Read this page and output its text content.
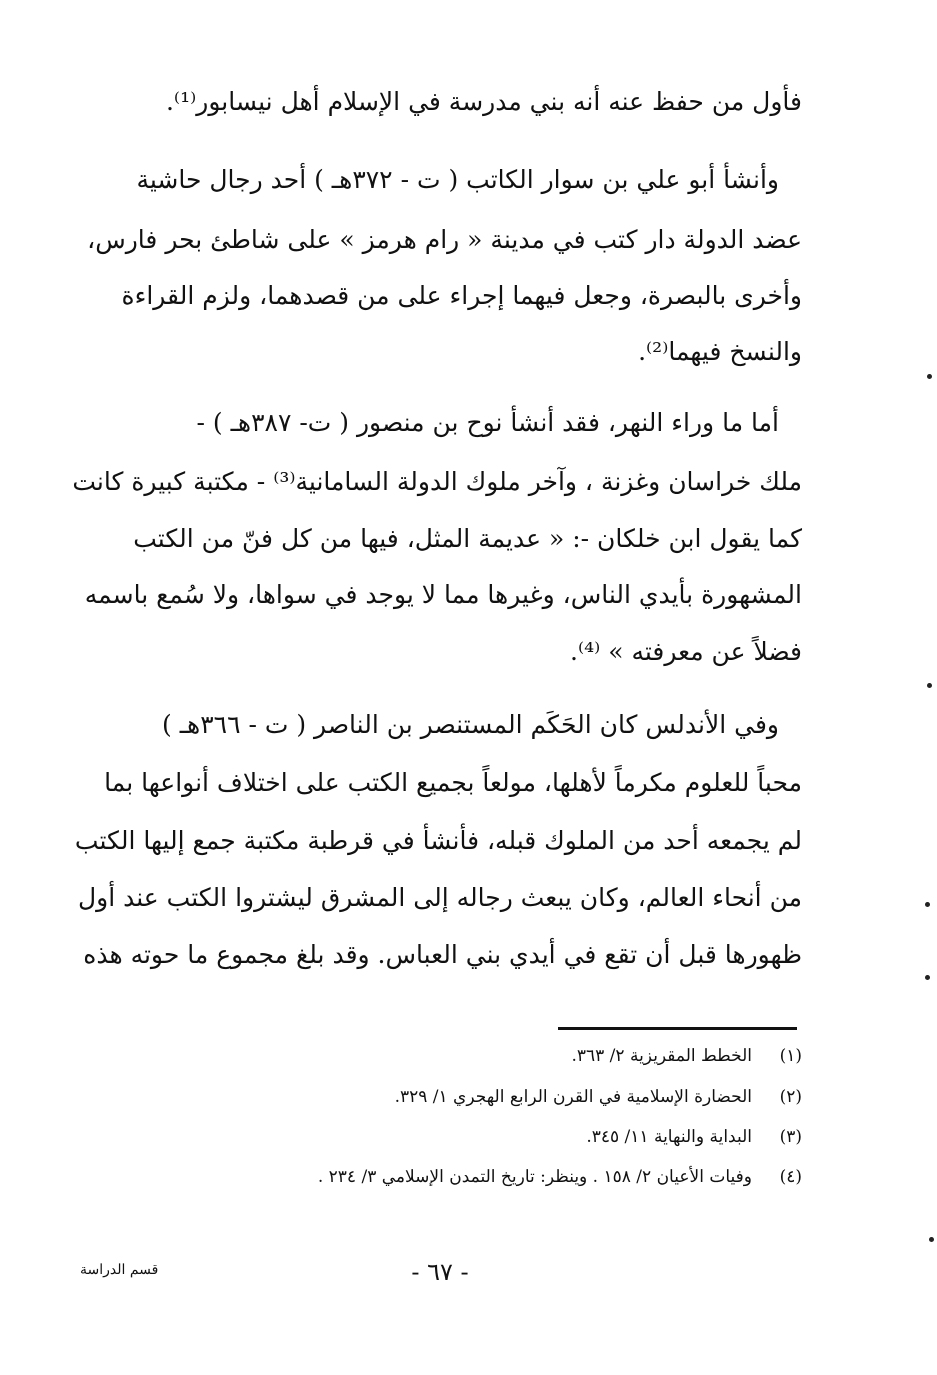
فأول من حفظ عنه أنه بني مدرسة في الإسلام أهل نيسابور⁽¹⁾.
وأنشأ أبو علي بن سوار الكاتب ( ت - ٣٧٢هـ ) أحد رجال حاشية
عضد الدولة دار كتب في مدينة « رام هرمز » على شاطئ بحر فارس،
وأخرى بالبصرة، وجعل فيهما إجراء على من قصدهما، ولزم القراءة
والنسخ فيهما⁽²⁾.
أما ما وراء النهر، فقد أنشأ نوح بن منصور ( ت- ٣٨٧هـ ) -
ملك خراسان وغزنة ، وآخر ملوك الدولة السامانية⁽³⁾ - مكتبة كبيرة كانت
كما يقول ابن خلكان -: « عديمة المثل، فيها من كل فنّ من الكتب
المشهورة بأيدي الناس، وغيرها مما لا يوجد في سواها، ولا سُمع باسمه
فضلاً عن معرفته » ⁽⁴⁾.
وفي الأندلس كان الحَكَم المستنصر بن الناصر ( ت - ٣٦٦هـ )
محباً للعلوم مكرماً لأهلها، مولعاً بجميع الكتب على اختلاف أنواعها بما
لم يجمعه أحد من الملوك قبله، فأنشأ في قرطبة مكتبة جمع إليها الكتب
من أنحاء العالم، وكان يبعث رجاله إلى المشرق ليشتروا الكتب عند أول
ظهورها قبل أن تقع في أيدي بني العباس. وقد بلغ مجموع ما حوته هذه
(١)
الخطط المقريزية ٢/ ٣٦٣.
(٢)
الحضارة الإسلامية في القرن الرابع الهجري ١/ ٣٢٩.
(٣)
البداية والنهاية ١١/ ٣٤٥.
(٤)
وفيات الأعيان ٢/ ١٥٨ . وينظر: تاريخ التمدن الإسلامي ٣/ ٢٣٤ .
- ٦٧ -
قسم الدراسة
